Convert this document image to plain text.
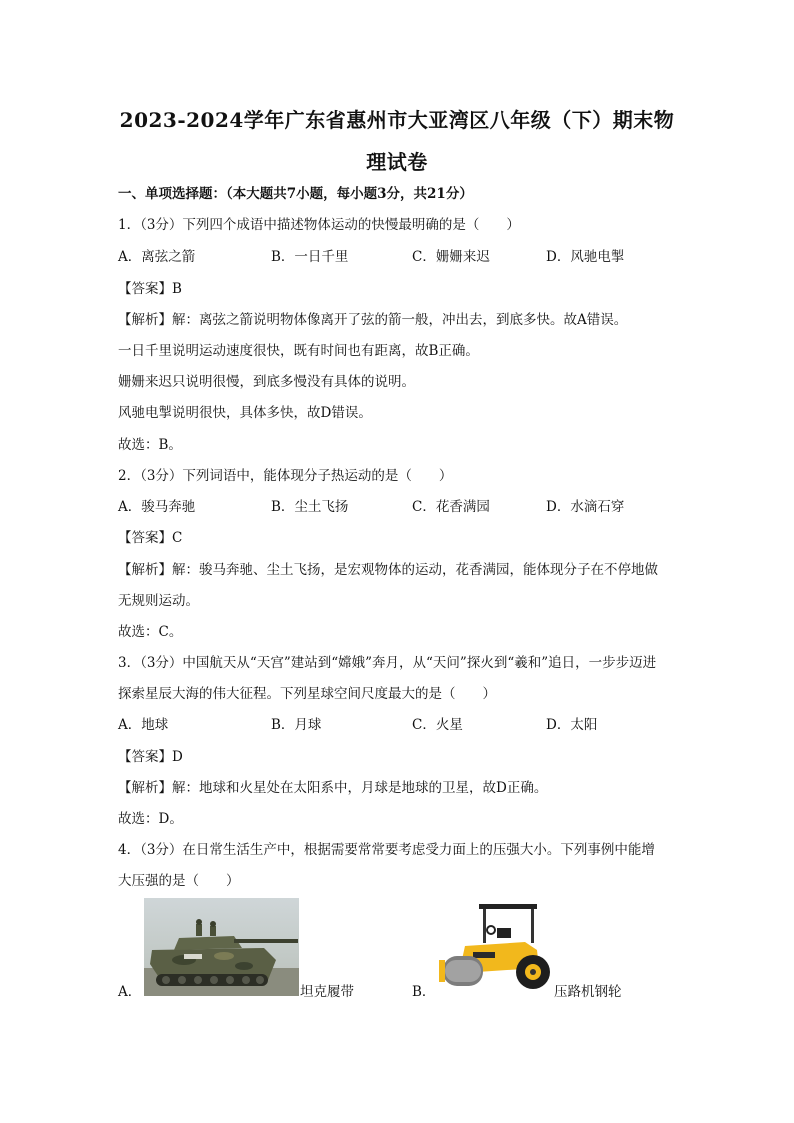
2023-2024学年广东省惠州市大亚湾区八年级（下）期末物
理试卷
一、单项选择题：（本大题共7小题，每小题3分，共21分）
1．（3分）下列四个成语中描述物体运动的快慢最明确的是（　　）
A．离弦之箭	B．一日千里	C．姗姗来迟	D．风驰电掣
【答案】B
【解析】解：离弦之箭说明物体像离开了弦的箭一般，冲出去，到底多快。故A错误。
一日千里说明运动速度很快，既有时间也有距离，故B正确。
姗姗来迟只说明很慢，到底多慢没有具体的说明。
风驰电掣说明很快，具体多快，故D错误。
故选：B。
2．（3分）下列词语中，能体现分子热运动的是（　　）
A．骏马奔驰	B．尘土飞扬	C．花香满园	D．水滴石穿
【答案】C
【解析】解：骏马奔驰、尘土飞扬，是宏观物体的运动，花香满园，能体现分子在不停地做
无规则运动。
故选：C。
3．（3分）中国航天从“天宫”建站到“嫦娥”奔月，从“天问”探火到“羲和”追日，一步步迈进
探索星辰大海的伟大征程。下列星球空间尺度最大的是（　　）
A．地球	B．月球	C．火星	D．太阳
【答案】D
【解析】解：地球和火星处在太阳系中，月球是地球的卫星，故D正确。
故选：D。
4．（3分）在日常生活生产中，根据需要常常要考虑受力面上的压强大小。下列事例中能增
大压强的是（　　）
A．	坦克履带	B．	压路机钢轮
